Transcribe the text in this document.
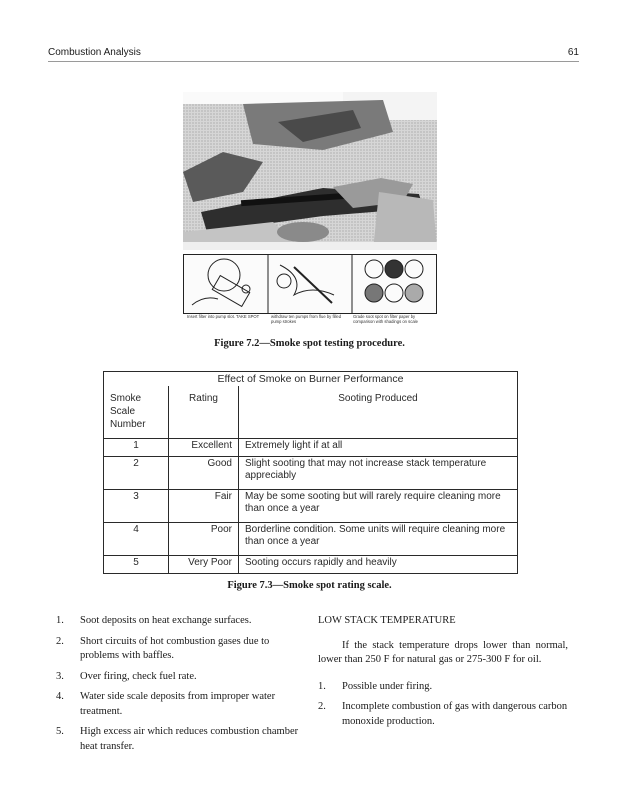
Combustion Analysis	61
Insert filter into pump slot. TAKE SPOT	withdraw ten pumps from flue by filled pump strokes
Grade soot spot on filter paper by comparison with shadings on scale
Figure 7.2—Smoke spot testing procedure.
Effect of Smoke on Burner Performance		
Smoke Scale Number	Rating	Sooting Produced
1	Excellent	Extremely light if at all
2	Good	Slight sooting that may not increase stack temperature appreciably
3	Fair	May be some sooting but will rarely require cleaning more than once a year
4	Poor	Borderline condition. Some units will require cleaning more than once a year
5	Very Poor	Sooting occurs rapidly and heavily
Figure 7.3—Smoke spot rating scale.
1. Soot deposits on heat exchange surfaces.
2. Short circuits of hot combustion gases due to problems with baffles.
3. Over firing, check fuel rate.
4. Water side scale deposits from improper water treatment.
5. High excess air which reduces combustion chamber heat transfer.
LOW STACK TEMPERATURE

If the stack temperature drops lower than normal, lower than 250 F for natural gas or 275-300 F for oil.

1. Possible under firing.
2. Incomplete combustion of gas with dangerous carbon monoxide production.
